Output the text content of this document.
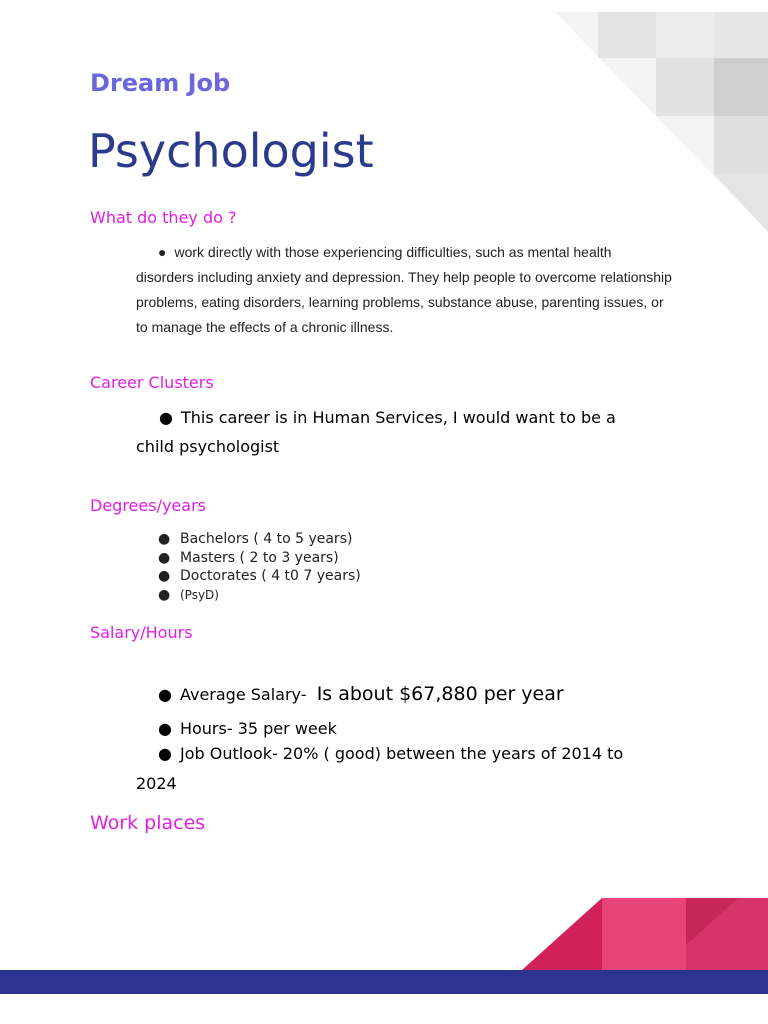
Dream Job
Psychologist
What do they do ?
● work directly with those experiencing difficulties, such as mental health
disorders including anxiety and depression. They help people to overcome relationship problems, eating disorders, learning problems, substance abuse, parenting issues, or to manage the effects of a chronic illness.
Career Clusters
● This career is in Human Services, I would want to be a
child psychologist
Degrees/years
● Bachelors ( 4 to 5 years)
● Masters ( 2 to 3 years)
● Doctorates ( 4 t0 7 years)
● (PsyD)
Salary/Hours
● Average Salary- Is about $67,880 per year
● Hours- 35 per week
● Job Outlook- 20% ( good) between the years of 2014 to
2024
Work places
